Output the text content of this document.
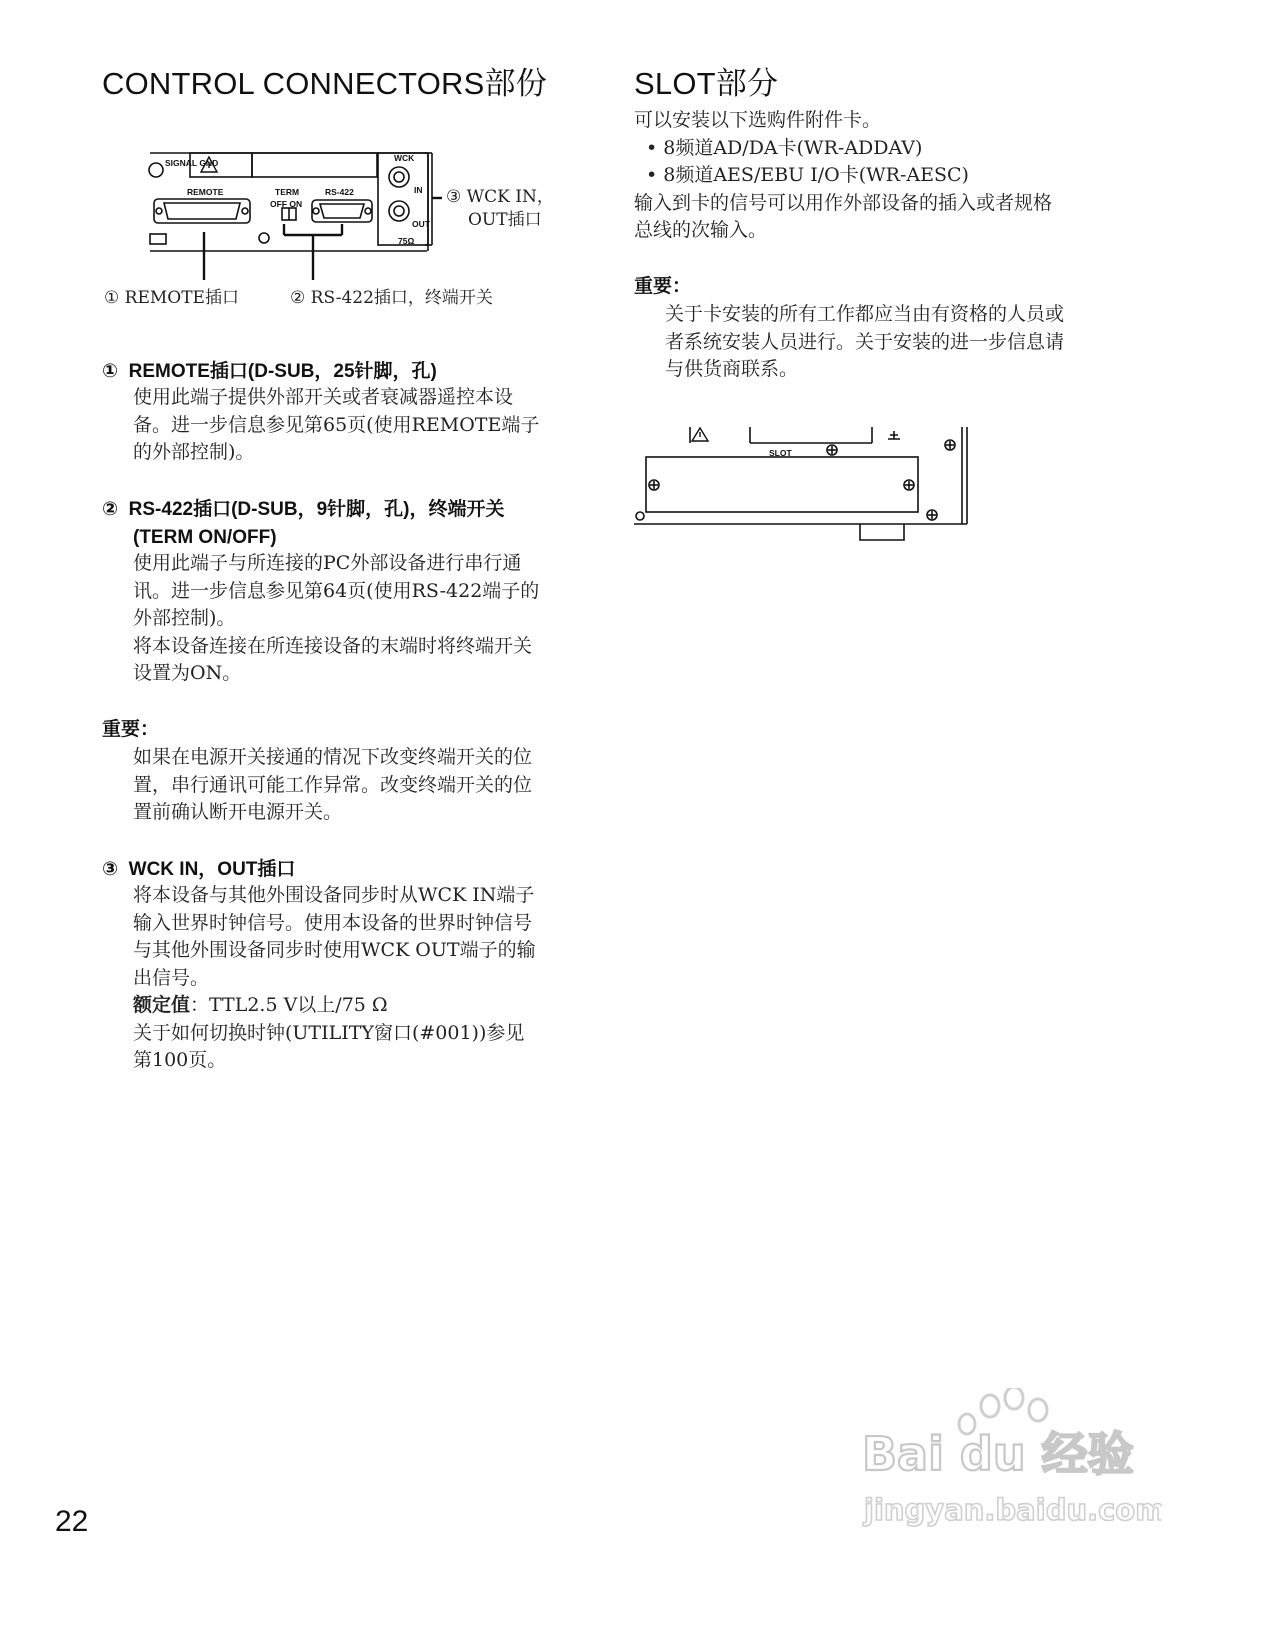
CONTROL CONNECTORS部份
SIGNAL GND
REMOTE	TERM
OFF ON
RS-422
WCK
IN
OUT
75Ω
③ WCK IN，
OUT插口
① REMOTE插口	② RS-422插口，终端开关
① REMOTE插口(D-SUB，25针脚，孔)
使用此端子提供外部开关或者衰减器遥控本设
备。进一步信息参见第65页(使用REMOTE端子
的外部控制)。
② RS-422插口(D-SUB，9针脚，孔)，终端开关
(TERM ON/OFF)
使用此端子与所连接的PC外部设备进行串行通
讯。进一步信息参见第64页(使用RS-422端子的
外部控制)。
将本设备连接在所连接设备的末端时将终端开关
设置为ON。
重要：
如果在电源开关接通的情况下改变终端开关的位
置，串行通讯可能工作异常。改变终端开关的位
置前确认断开电源开关。
③ WCK IN，OUT插口
将本设备与其他外围设备同步时从WCK IN端子
输入世界时钟信号。使用本设备的世界时钟信号
与其他外围设备同步时使用WCK OUT端子的输
出信号。
额定值：TTL2.5 V以上/75 Ω
关于如何切换时钟(UTILITY窗口(#001))参见
第100页。
SLOT部分
可以安装以下选购件附件卡。
• 8频道AD/DA卡(WR-ADDAV)
• 8频道AES/EBU I/O卡(WR-AESC)
输入到卡的信号可以用作外部设备的插入或者规格
总线的次输入。
重要：
关于卡安装的所有工作都应当由有资格的人员或
者系统安装人员进行。关于安装的进一步信息请
与供货商联系。
SLOT
22
Bai du 经验
jingyan.baidu.com
